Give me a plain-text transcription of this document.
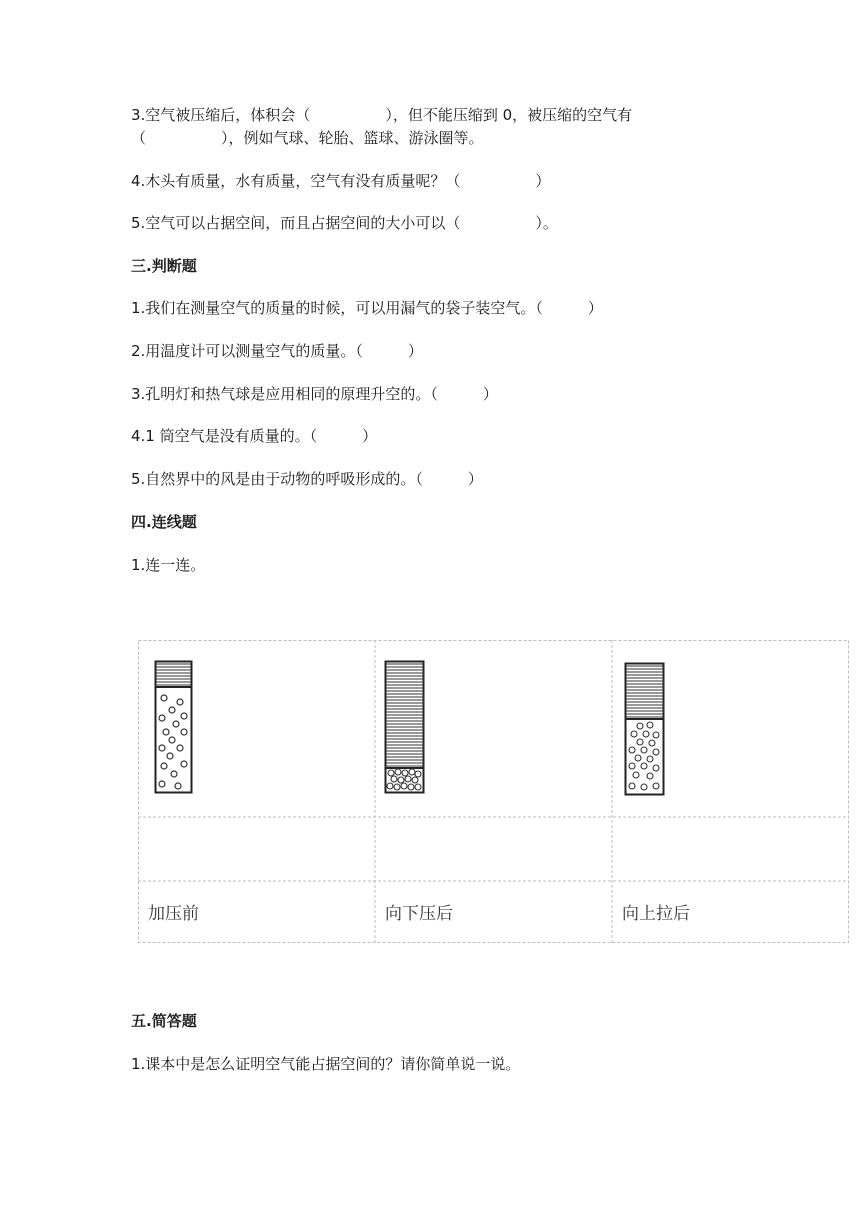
3.空气被压缩后，体积会（　　　　　），但不能压缩到 0，被压缩的空气有
（　　　　　），例如气球、轮胎、篮球、游泳圈等。
4.木头有质量，水有质量，空气有没有质量呢？（　　　　　）
5.空气可以占据空间，而且占据空间的大小可以（　　　　　）。
三.判断题
1.我们在测量空气的质量的时候，可以用漏气的袋子装空气。（　　　）
2.用温度计可以测量空气的质量。（　　　）
3.孔明灯和热气球是应用相同的原理升空的。（　　　）
4.1 筒空气是没有质量的。（　　　）
5.自然界中的风是由于动物的呼吸形成的。（　　　）
四.连线题
1.连一连。
加压前	向下压后	向上拉后
五.简答题
1.课本中是怎么证明空气能占据空间的？请你简单说一说。
